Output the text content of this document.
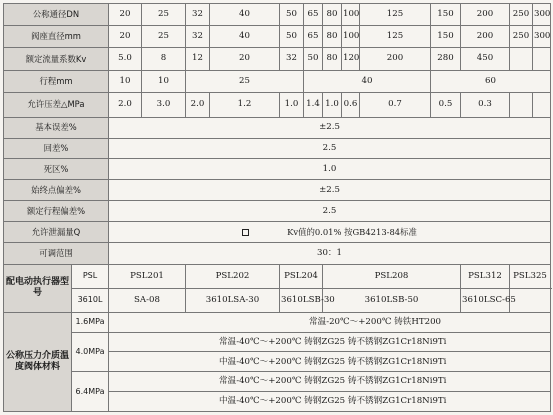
公称通径DN		20	25	32	40	50	65	80	100	125	150	200	250	300
阀座直径mm		20	25	32	40	50	65	80	100	125	150	200	250	300
额定流量系数Kv		5.0	8	12	20	32	50	80	120	200	280	450		
行程mm		10	10	25			40				60			
允许压差△MPa		2.0	3.0	2.0	1.2	1.0	1.4	1.0	0.6	0.7	0.5	0.3		
基本误差%		±2.5												
回差%		2.5												
死区%		1.0												
始终点偏差%		±2.5												
额定行程偏差%		2.5												
允许泄漏量Q		Kv值的0.01% 按GB4213-84标准												
可调范围		30：1												
配电动执行器型号	PSL	PSL201		PSL202		PSL204		PSL208				PSL312	PSL325	
	3610L	SA-08		3610LSA-30		3610LSB-30		3610LSB-50				3610LSC-65		
公称压力介质温度阀体材料	1.6MPa	常温-20℃～+200℃ 铸铁HT200												
	4.0MPa	常温-40℃～+200℃ 铸钢ZG25 铸不锈钢ZG1Cr18Ni9Ti												
		中温-40℃～+200℃ 铸钢ZG25 铸不锈钢ZG1Cr18Ni9Ti												
	6.4MPa	常温-40℃～+200℃ 铸钢ZG25 铸不锈钢ZG1Cr18Ni9Ti												
		中温-40℃～+200℃ 铸钢ZG25 铸不锈钢ZG1Cr18Ni9Ti												
